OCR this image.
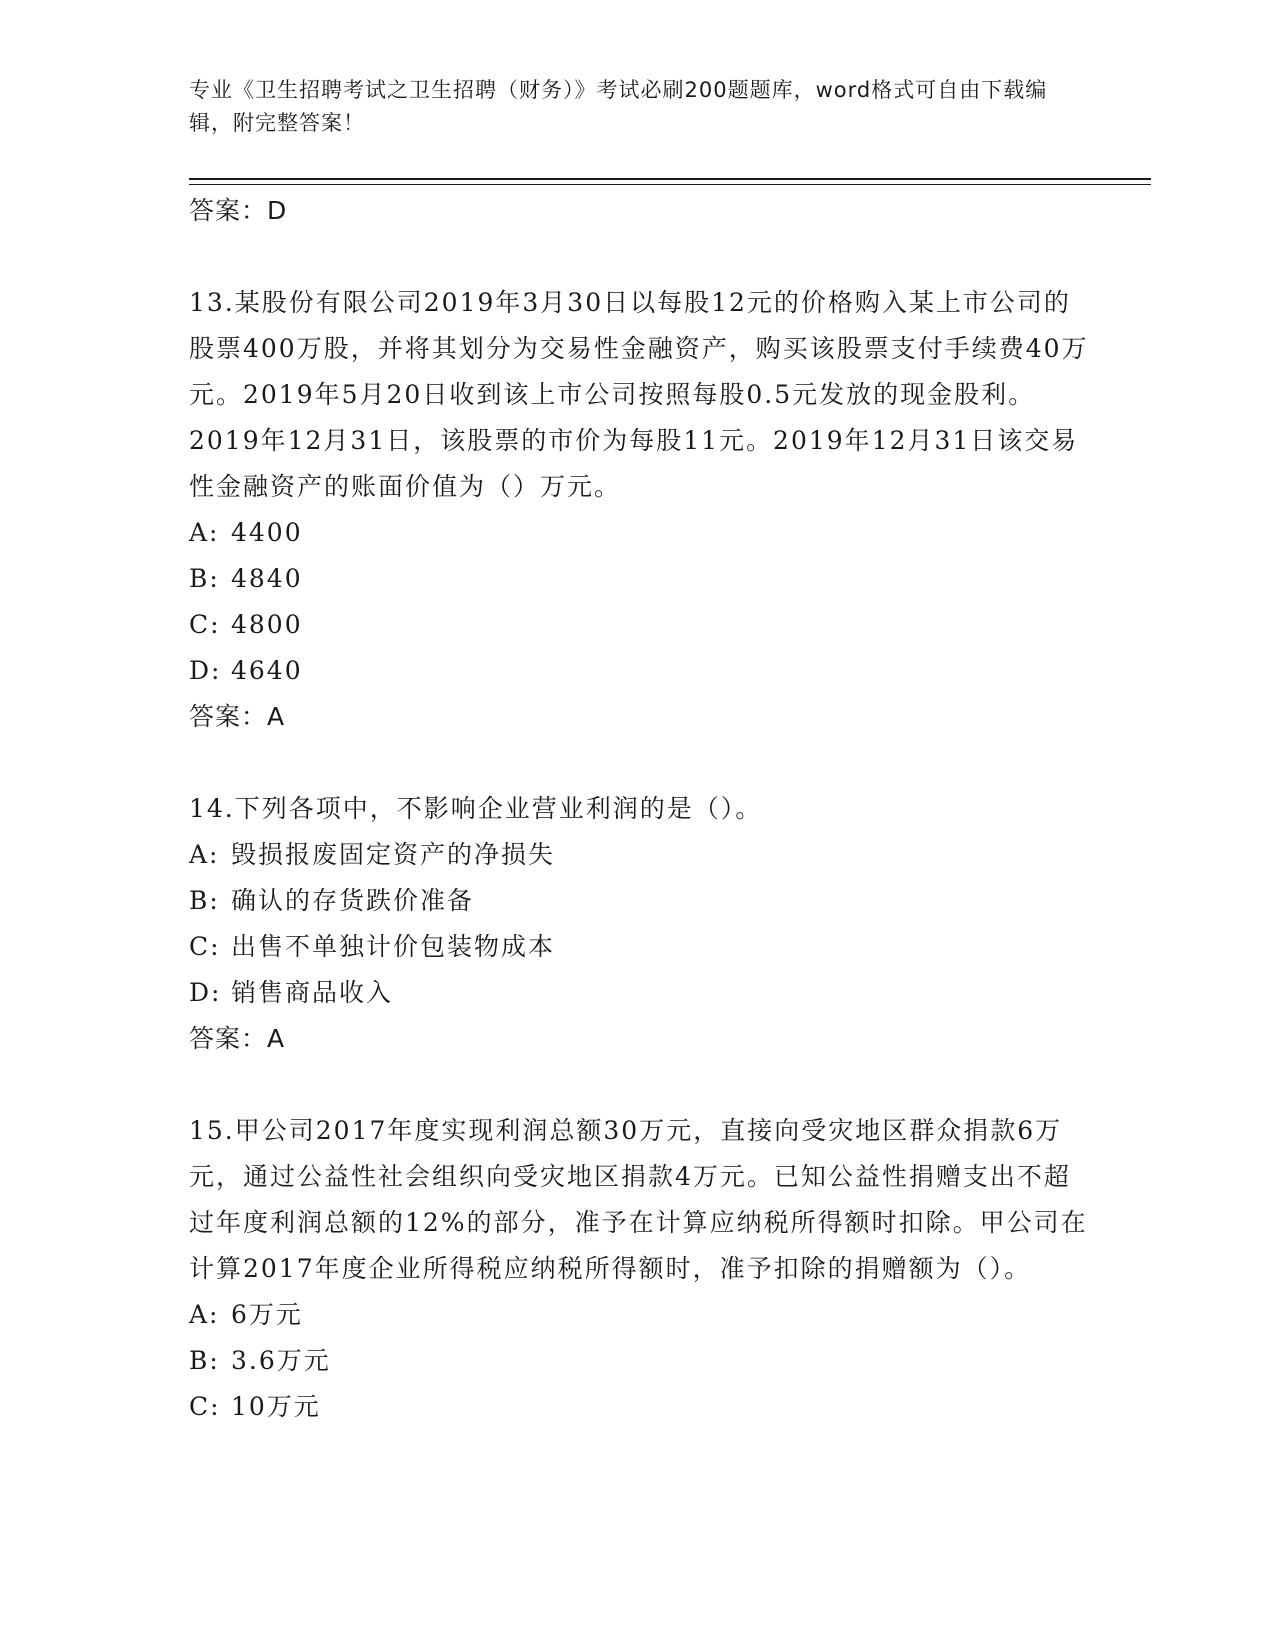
专业《卫生招聘考试之卫生招聘（财务）》考试必刷200题题库，word格式可自由下载编辑，附完整答案！
答案：D
13.某股份有限公司2019年3月30日以每股12元的价格购入某上市公司的股票400万股，并将其划分为交易性金融资产，购买该股票支付手续费40万元。2019年5月20日收到该上市公司按照每股0.5元发放的现金股利。2019年12月31日，该股票的市价为每股11元。2019年12月31日该交易性金融资产的账面价值为（）万元。
A: 4400
B: 4840
C: 4800
D: 4640
答案：A
14.下列各项中，不影响企业营业利润的是（）。
A: 毁损报废固定资产的净损失
B: 确认的存货跌价准备
C: 出售不单独计价包装物成本
D: 销售商品收入
答案：A
15.甲公司2017年度实现利润总额30万元，直接向受灾地区群众捐款6万元，通过公益性社会组织向受灾地区捐款4万元。已知公益性捐赠支出不超过年度利润总额的12%的部分，准予在计算应纳税所得额时扣除。甲公司在计算2017年度企业所得税应纳税所得额时，准予扣除的捐赠额为（）。
A: 6万元
B: 3.6万元
C: 10万元
